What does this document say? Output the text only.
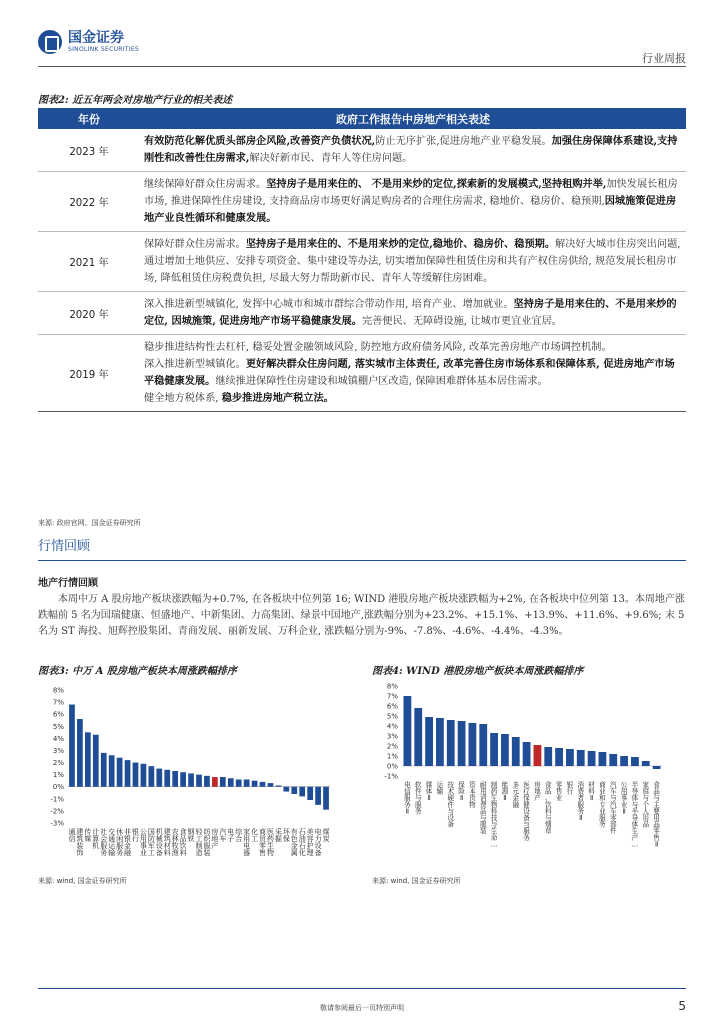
国金证券
SINOLINK SECURITIES
行业周报
图表2: 近五年两会对房地产行业的相关表述
年份	政府工作报告中房地产相关表述
2023 年	有效防范化解优质头部房企风险,改善资产负债状况,防止无序扩张,促进房地产业平稳发展。加强住房保障体系建设,支持刚性和改善性住房需求,解决好新市民、青年人等住房问题。
2022 年	继续保障好群众住房需求。坚持房子是用来住的、 不是用来炒的定位,探索新的发展模式,坚持租购并举,加快发展长租房市场, 推进保障性住房建设, 支持商品房市场更好满足购房者的合理住房需求, 稳地价、稳房价、稳预期,因城施策促进房地产业良性循环和健康发展。
2021 年	保障好群众住房需求。坚持房子是用来住的、不是用来炒的定位,稳地价、稳房价、稳预期。解决好大城市住房突出问题, 通过增加土地供应、安排专项资金、集中建设等办法, 切实增加保障性租赁住房和共有产权住房供给, 规范发展长租房市场, 降低租赁住房税费负担, 尽最大努力帮助新市民、青年人等缓解住房困难。
2020 年	深入推进新型城镇化, 发挥中心城市和城市群综合带动作用, 培育产业、增加就业。坚持房子是用来住的、不是用来炒的定位, 因城施策, 促进房地产市场平稳健康发展。完善便民、无障碍设施, 让城市更宜业宜居。
2019 年	稳步推进结构性去杠杆, 稳妥处置金融领域风险, 防控地方政府债务风险, 改革完善房地产市场调控机制。
深入推进新型城镇化。更好解决群众住房问题, 落实城市主体责任, 改革完善住房市场体系和保障体系, 促进房地产市场平稳健康发展。继续推进保障性住房建设和城镇棚户区改造, 保障困难群体基本居住需求。
健全地方税体系, 稳步推进房地产税立法。
来源: 政府官网、国金证券研究所
行情回顾
地产行情回顾
本周中万 A 股房地产板块涨跌幅为+0.7%, 在各板块中位列第 16; WIND 港股房地产板块涨跌幅为+2%, 在各板块中位列第 13。本周地产涨跌幅前 5 名为国瑞健康、恒盛地产、中新集团、力高集团、绿景中国地产,涨跌幅分别为+23.2%、+15.1%、+13.9%、+11.6%、+9.6%; 末 5 名为 ST 海投、旭辉控股集团、青商发展、丽新发展、万科企业, 涨跌幅分别为-9%、-7.8%、-4.6%、-4.4%、-4.3%。
图表3: 中万 A 股房地产板块本周涨跌幅排序	图表4: WIND 港股房地产板块本周涨跌幅排序
8%
7%
6%
5%
4%
3%
2%
1%
0%
-1%
-2%
-3%
通信
建筑装饰
传媒
计算机
社会服务
交通运输
休闲服务
非银金融
银行
公用事业
国防军工
机械设备
建筑材料
农林牧渔
食品饮料
钢铁
轻工制造
纺织服装
房地产
汽车
电子
综合
家用电器
化工
商贸零售
医药生物
采掘
环保
有色金属
石油石化
美容护理
电力设备
煤炭
8%
7%
6%
5%
4%
3%
2%
1%
0%
-1%
电信服务 Ⅱ
软件与服务
媒体 Ⅱ
运输
技术硬件与设备
保险 Ⅱ
资本货物
耐用消费品与服装
制药生物科技与生命…
能源 Ⅱ
多元金融
医疗保健设备与服务
房地产
食品、饮料与烟草
零售业
银行
消费者服务 Ⅱ
材料 Ⅱ
商业和专业服务
汽车与汽车零部件
公用事业 Ⅱ
半导体与半导体生产…
家庭与个人用品
食品与主要用品零售 Ⅱ
来源: wind, 国金证券研究所	来源: wind, 国金证券研究所
敬请参阅最后一页特别声明	5
